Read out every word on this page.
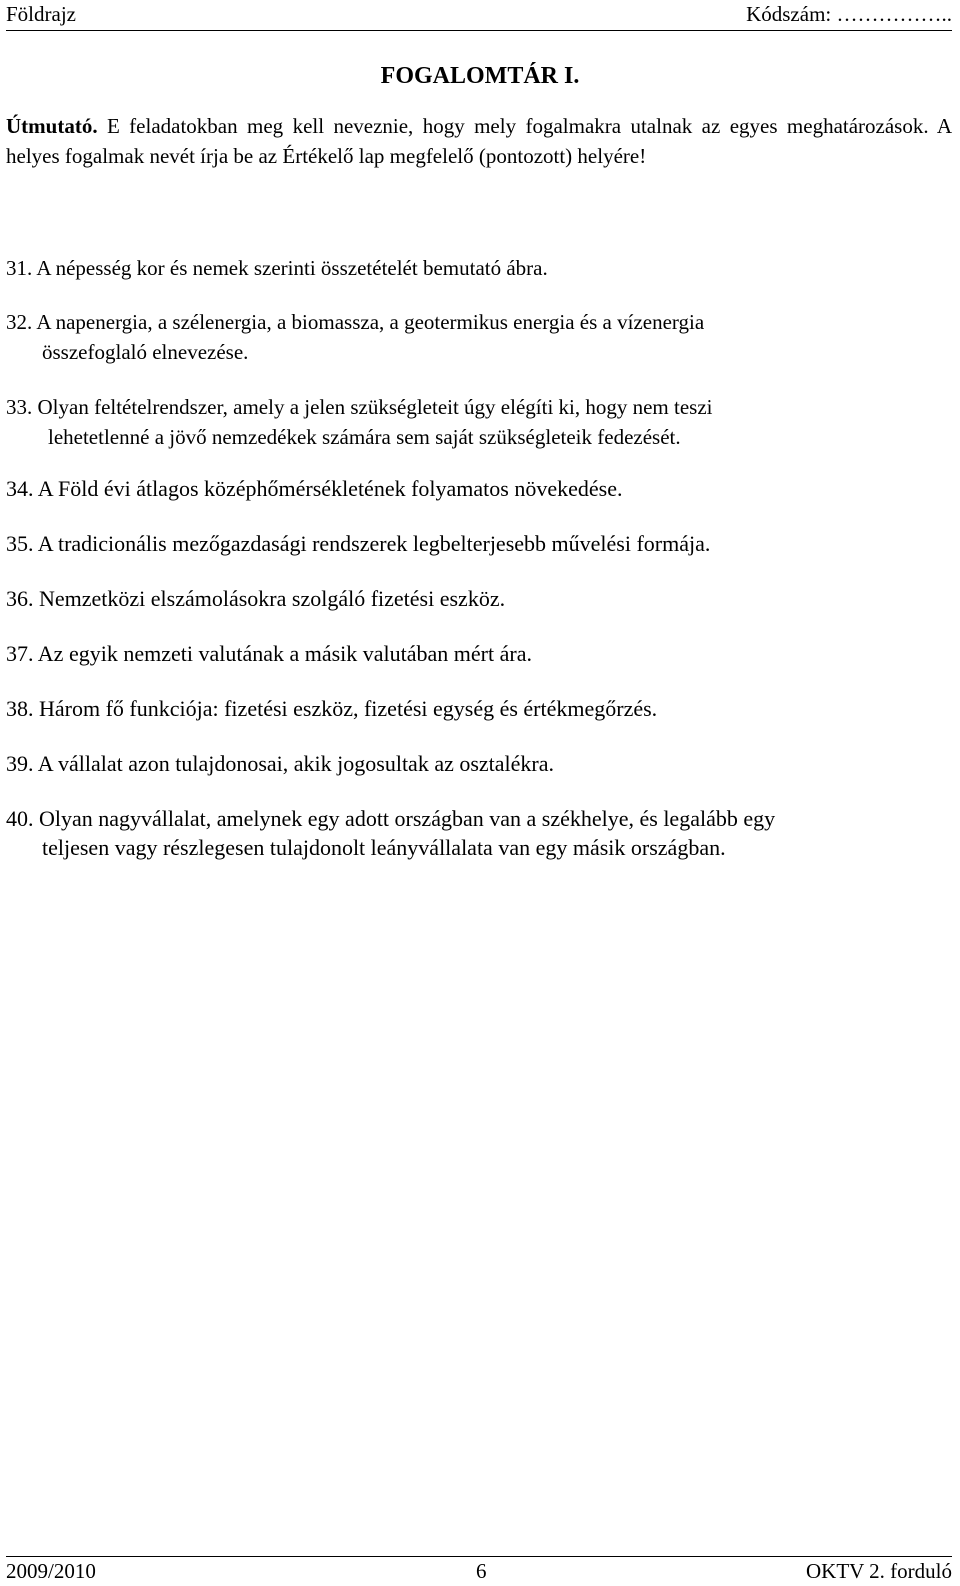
Földrajz	Kódszám: ……………..
FOGALOMTÁR I.

Útmutató. E feladatokban meg kell neveznie, hogy mely fogalmakra utalnak az egyes meghatározások. A helyes fogalmak nevét írja be az Értékelő lap megfelelő (pontozott) helyére!

31. A népesség kor és nemek szerinti összetételét bemutató ábra.

32. A napenergia, a szélenergia, a biomassza, a geotermikus energia és a vízenergia
összefoglaló elnevezése.

33. Olyan feltételrendszer, amely a jelen szükségleteit úgy elégíti ki, hogy nem teszi
lehetetlenné a jövő nemzedékek számára sem saját szükségleteik fedezését.

34. A Föld évi átlagos középhőmérsékletének folyamatos növekedése.

35. A tradicionális mezőgazdasági rendszerek legbelterjesebb művelési formája.

36. Nemzetközi elszámolásokra szolgáló fizetési eszköz.

37. Az egyik nemzeti valutának a másik valutában mért ára.

38. Három fő funkciója: fizetési eszköz, fizetési egység és értékmegőrzés.

39. A vállalat azon tulajdonosai, akik jogosultak az osztalékra.

40. Olyan nagyvállalat, amelynek egy adott országban van a székhelye, és legalább egy
teljesen vagy részlegesen tulajdonolt leányvállalata van egy másik országban.

2009/2010	6	OKTV 2. forduló
